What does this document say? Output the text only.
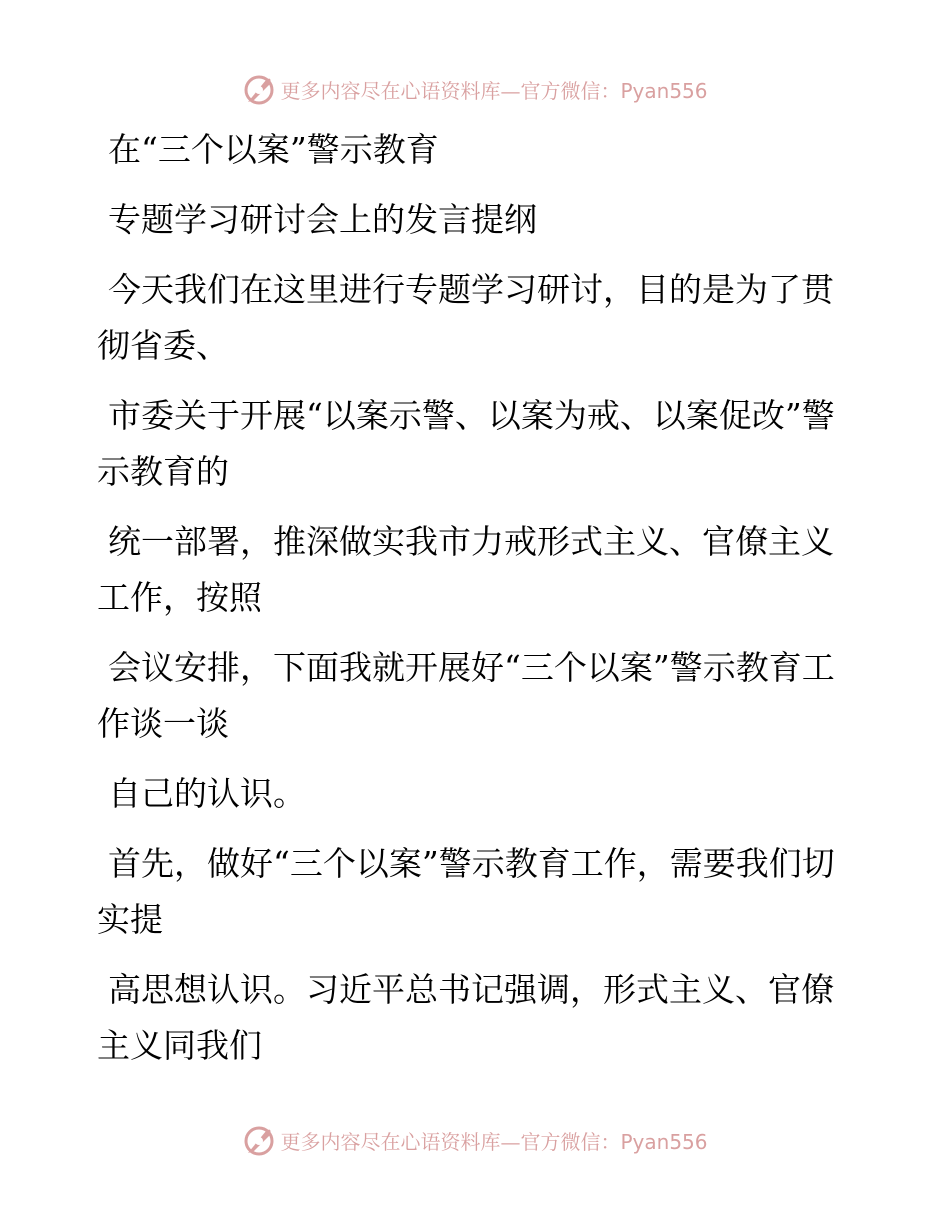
更多内容尽在心语资料库—官方微信：Pyan556

在“三个以案”警示教育

专题学习研讨会上的发言提纲

今天我们在这里进行专题学习研讨，目的是为了贯彻省委、

市委关于开展“以案示警、以案为戒、以案促改”警示教育的

统一部署，推深做实我市力戒形式主义、官僚主义工作，按照

会议安排，下面我就开展好“三个以案”警示教育工作谈一谈

自己的认识。

首先，做好“三个以案”警示教育工作，需要我们切实提

高思想认识。习近平总书记强调，形式主义、官僚主义同我们

更多内容尽在心语资料库—官方微信：Pyan556
